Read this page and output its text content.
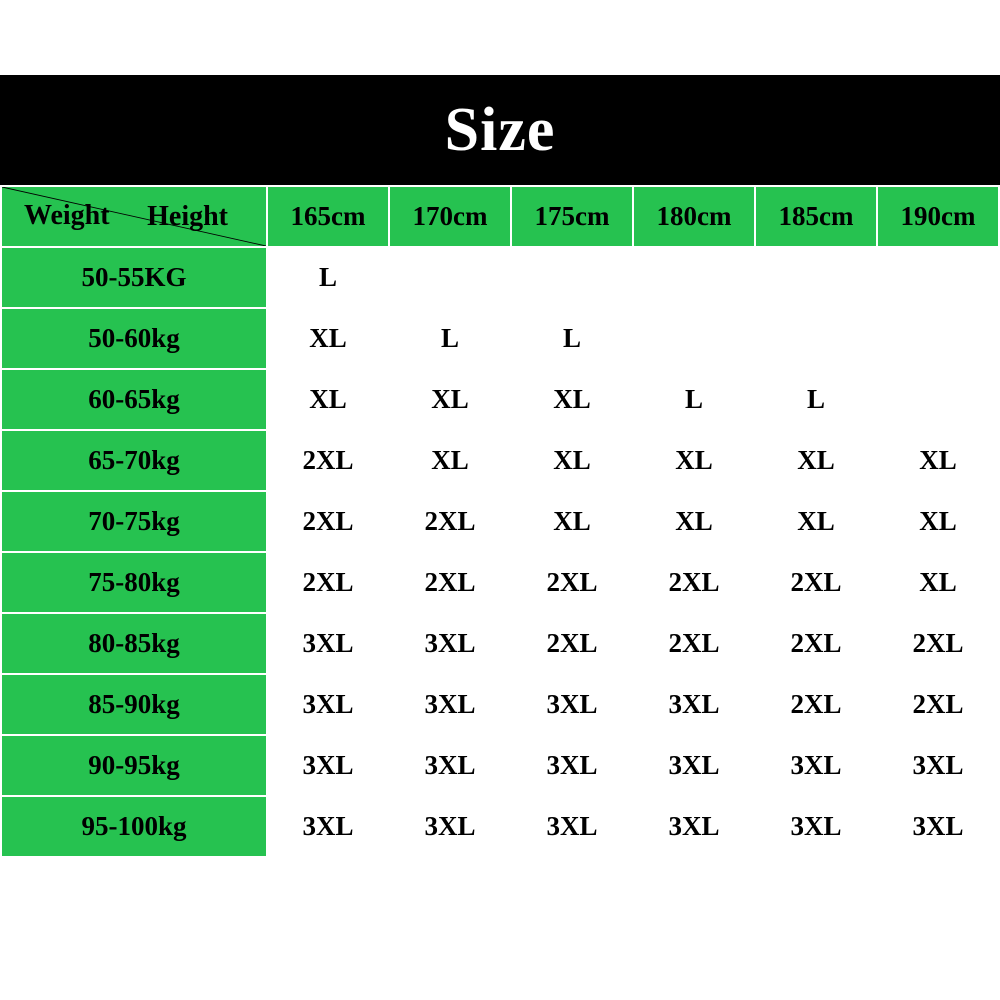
Size
Height
Weight	165cm	170cm	175cm	180cm	185cm	190cm
50-55KG	L					
50-60kg	XL	L	L			
60-65kg	XL	XL	XL	L	L	
65-70kg	2XL	XL	XL	XL	XL	XL
70-75kg	2XL	2XL	XL	XL	XL	XL
75-80kg	2XL	2XL	2XL	2XL	2XL	XL
80-85kg	3XL	3XL	2XL	2XL	2XL	2XL
85-90kg	3XL	3XL	3XL	3XL	2XL	2XL
90-95kg	3XL	3XL	3XL	3XL	3XL	3XL
95-100kg	3XL	3XL	3XL	3XL	3XL	3XL
